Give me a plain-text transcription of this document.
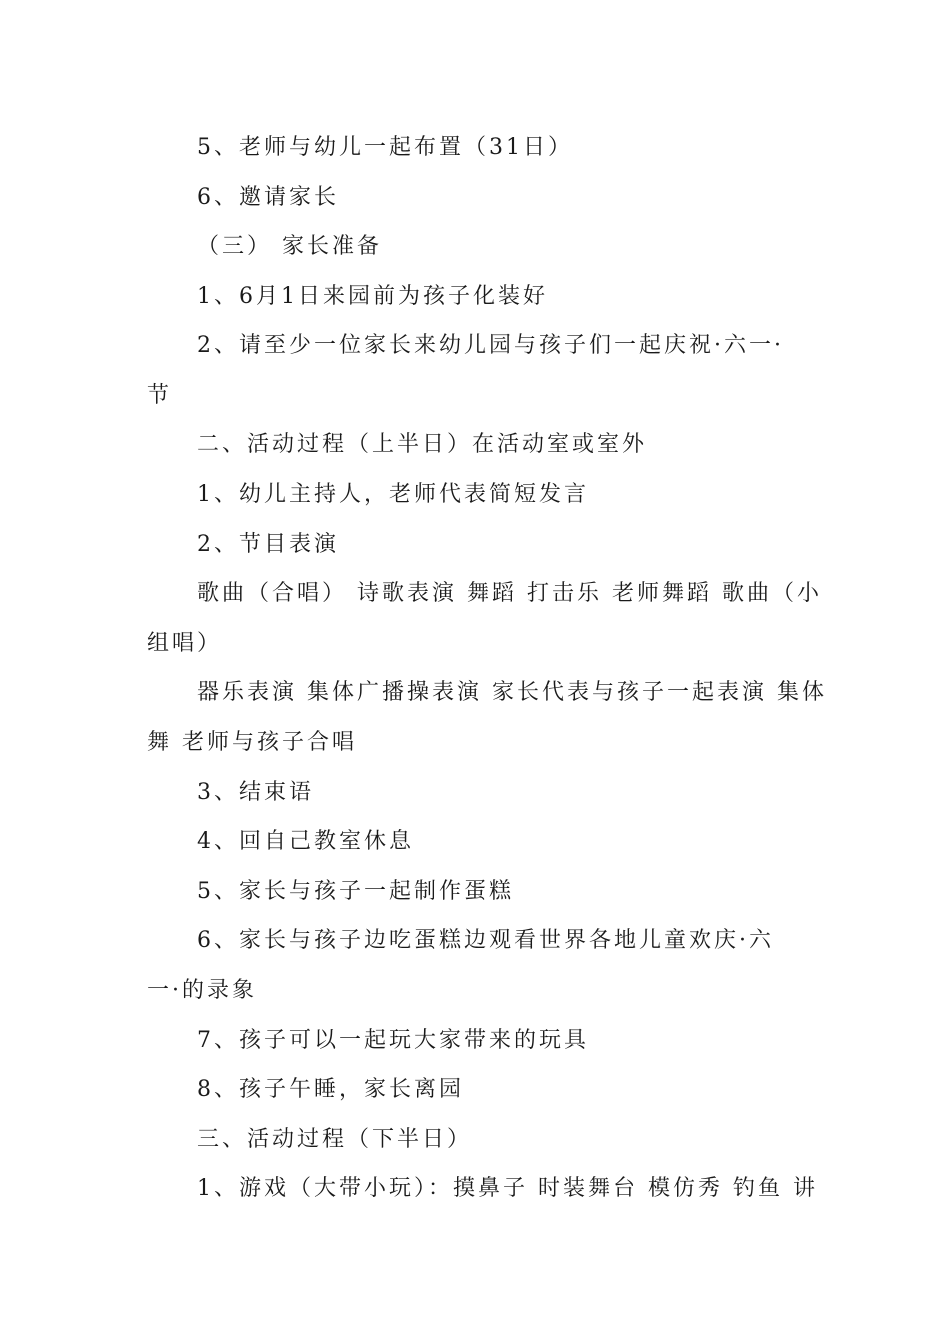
5、老师与幼儿一起布置（31日）
6、邀请家长
（三） 家长准备
1、6月1日来园前为孩子化装好
2、请至少一位家长来幼儿园与孩子们一起庆祝·六一·
节
二、活动过程（上半日）在活动室或室外
1、幼儿主持人，老师代表简短发言
2、节目表演
歌曲（合唱） 诗歌表演 舞蹈 打击乐 老师舞蹈 歌曲（小
组唱）
器乐表演 集体广播操表演 家长代表与孩子一起表演 集体
舞 老师与孩子合唱
3、结束语
4、回自己教室休息
5、家长与孩子一起制作蛋糕
6、家长与孩子边吃蛋糕边观看世界各地儿童欢庆·六
一·的录象
7、孩子可以一起玩大家带来的玩具
8、孩子午睡，家长离园
三、活动过程（下半日）
1、游戏（大带小玩）：摸鼻子 时装舞台 模仿秀 钓鱼 讲
